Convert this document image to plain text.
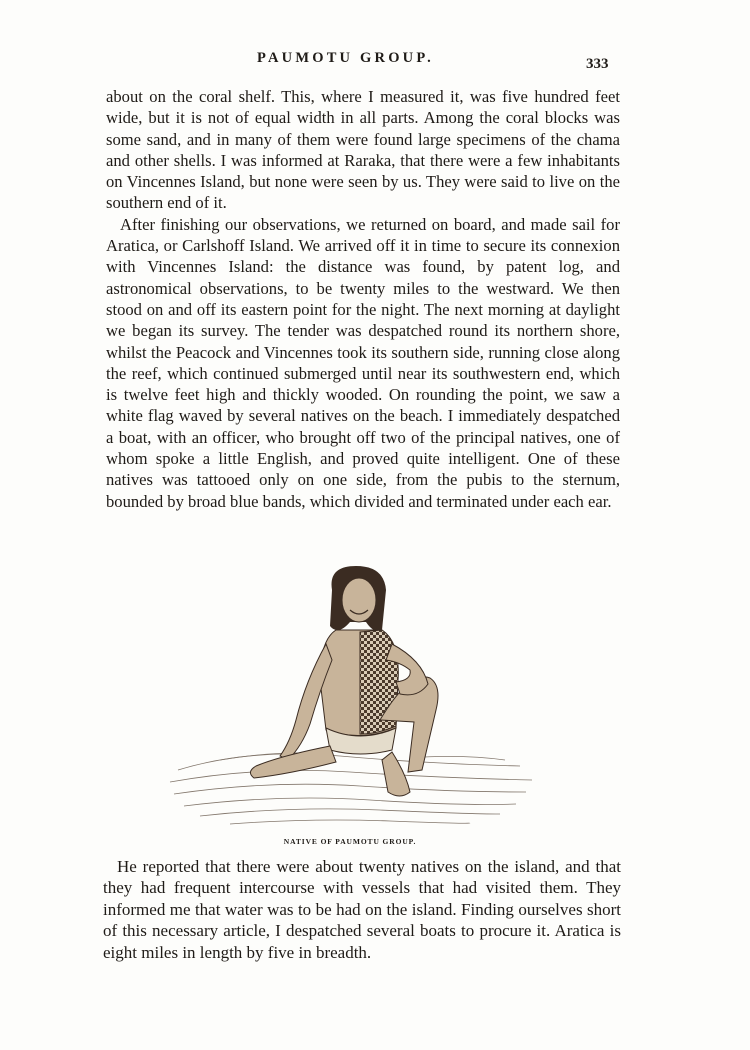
PAUMOTU GROUP.	333

about on the coral shelf. This, where I measured it, was five hundred feet wide, but it is not of equal width in all parts. Among the coral blocks was some sand, and in many of them were found large specimens of the chama and other shells. I was informed at Raraka, that there were a few inhabitants on Vincennes Island, but none were seen by us. They were said to live on the southern end of it.

After finishing our observations, we returned on board, and made sail for Aratica, or Carlshoff Island. We arrived off it in time to secure its connexion with Vincennes Island: the distance was found, by patent log, and astronomical observations, to be twenty miles to the westward. We then stood on and off its eastern point for the night. The next morning at daylight we began its survey. The tender was despatched round its northern shore, whilst the Peacock and Vincennes took its southern side, running close along the reef, which continued submerged until near its southwestern end, which is twelve feet high and thickly wooded. On rounding the point, we saw a white flag waved by several natives on the beach. I immediately despatched a boat, with an officer, who brought off two of the principal natives, one of whom spoke a little English, and proved quite intelligent. One of these natives was tattooed only on one side, from the pubis to the sternum, bounded by broad blue bands, which divided and terminated under each ear.

NATIVE OF PAUMOTU GROUP.

He reported that there were about twenty natives on the island, and that they had frequent intercourse with vessels that had visited them. They informed me that water was to be had on the island. Finding ourselves short of this necessary article, I despatched several boats to procure it. Aratica is eight miles in length by five in breadth.
